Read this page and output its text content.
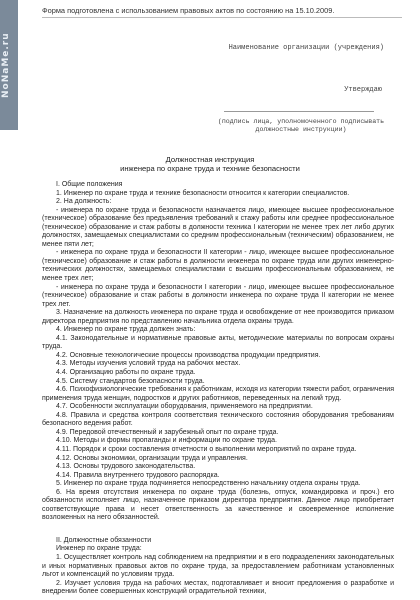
NoNaMe.ru
Форма подготовлена с использованием правовых актов по состоянию на 15.10.2009.
Наименование организации (учреждения)
Утверждаю
(подпись лица, уполномоченного подписывать должностные инструкции)
Должностная инструкция
инженера по охране труда и технике безопасности

I. Общие положения

1. Инженер по охране труда и технике безопасности относится к категории специалистов.

2. На должность:

- инженера по охране труда и безопасности назначается лицо, имеющее высшее профессиональное (техническое) образование без предъявления требований к стажу работы или среднее профессиональное (техническое) образование и стаж работы в должности техника I категории не менее трех лет либо других должностях, замещаемых специалистами со средним профессиональным (техническим) образованием, не менее пяти лет;

- инженера по охране труда и безопасности II категории - лицо, имеющее высшее профессиональное (техническое) образование и стаж работы в должности инженера по охране труда или других инженерно-технических должностях, замещаемых специалистами с высшим профессиональным образованием, не менее трех лет;

- инженера по охране труда и безопасности I категории - лицо, имеющее высшее профессиональное (техническое) образование и стаж работы в должности инженера по охране труда II категории не менее трех лет.

3. Назначение на должность инженера по охране труда и освобождение от нее производится приказом директора предприятия по представлению начальника отдела охраны труда.

4. Инженер по охране труда должен знать:

4.1. Законодательные и нормативные правовые акты, методические материалы по вопросам охраны труда.

4.2. Основные технологические процессы производства продукции предприятия.

4.3. Методы изучения условий труда на рабочих местах.

4.4. Организацию работы по охране труда.

4.5. Систему стандартов безопасности труда.

4.6. Психофизиологические требования к работникам, исходя из категории тяжести работ, ограничения применения труда женщин, подростков и других работников, переведенных на легкий труд.

4.7. Особенности эксплуатации оборудования, применяемого на предприятии.

4.8. Правила и средства контроля соответствия технического состояния оборудования требованиям безопасного ведения работ.

4.9. Передовой отечественный и зарубежный опыт по охране труда.

4.10. Методы и формы пропаганды и информации по охране труда.

4.11. Порядок и сроки составления отчетности о выполнении мероприятий по охране труда.

4.12. Основы экономики, организации труда и управления.

4.13. Основы трудового законодательства.

4.14. Правила внутреннего трудового распорядка.

5. Инженер по охране труда подчиняется непосредственно начальнику отдела охраны труда.

6. На время отсутствия инженера по охране труда (болезнь, отпуск, командировка и проч.) его обязанности исполняет лицо, назначенное приказом директора предприятия. Данное лицо приобретает соответствующие права и несет ответственность за качественное и своевременное исполнение возложенных на него обязанностей.

II. Должностные обязанности

Инженер по охране труда:

1. Осуществляет контроль над соблюдением на предприятии и в его подразделениях законодательных и иных нормативных правовых актов по охране труда, за предоставлением работникам установленных льгот и компенсаций по условиям труда.

2. Изучает условия труда на рабочих местах, подготавливает и вносит предложения о разработке и внедрении более совершенных конструкций оградительной техники,
